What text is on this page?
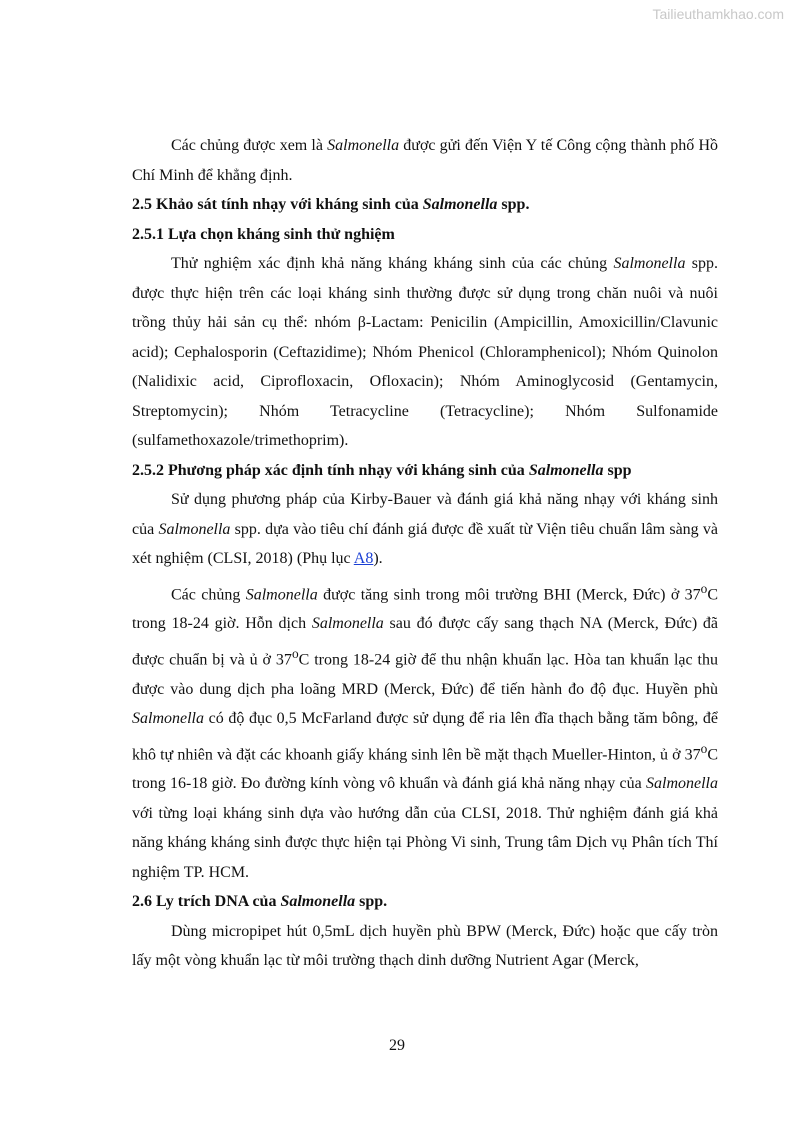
Tailieuthamkhao.com

Các chủng được xem là Salmonella được gửi đến Viện Y tế Công cộng thành phố Hồ Chí Minh để khẳng định.

2.5 Khảo sát tính nhạy với kháng sinh của Salmonella spp.

2.5.1 Lựa chọn kháng sinh thử nghiệm

Thử nghiệm xác định khả năng kháng kháng sinh của các chủng Salmonella spp. được thực hiện trên các loại kháng sinh thường được sử dụng trong chăn nuôi và nuôi trồng thủy hải sản cụ thể: nhóm β-Lactam: Penicilin (Ampicillin, Amoxicillin/Clavunic acid); Cephalosporin (Ceftazidime); Nhóm Phenicol (Chloramphenicol); Nhóm Quinolon (Nalidixic acid, Ciprofloxacin, Ofloxacin); Nhóm Aminoglycosid (Gentamycin, Streptomycin); Nhóm Tetracycline (Tetracycline); Nhóm Sulfonamide (sulfamethoxazole/trimethoprim).

2.5.2 Phương pháp xác định tính nhạy với kháng sinh của Salmonella spp

Sử dụng phương pháp của Kirby-Bauer và đánh giá khả năng nhạy với kháng sinh của Salmonella spp. dựa vào tiêu chí đánh giá được đề xuất từ Viện tiêu chuẩn lâm sàng và xét nghiệm (CLSI, 2018) (Phụ lục A8).

Các chủng Salmonella được tăng sinh trong môi trường BHI (Merck, Đức) ở 37$^o$C trong 18-24 giờ. Hỗn dịch Salmonella sau đó được cấy sang thạch NA (Merck, Đức) đã được chuẩn bị và ủ ở 37$^o$C trong 18-24 giờ để thu nhận khuẩn lạc. Hòa tan khuẩn lạc thu được vào dung dịch pha loãng MRD (Merck, Đức) để tiến hành đo độ đục. Huyền phù Salmonella có độ đục 0,5 McFarland được sử dụng để ria lên đĩa thạch bằng tăm bông, để khô tự nhiên và đặt các khoanh giấy kháng sinh lên bề mặt thạch Mueller-Hinton, ủ ở 37$^o$C trong 16-18 giờ. Đo đường kính vòng vô khuẩn và đánh giá khả năng nhạy của Salmonella với từng loại kháng sinh dựa vào hướng dẫn của CLSI, 2018. Thử nghiệm đánh giá khả năng kháng kháng sinh được thực hiện tại Phòng Vi sinh, Trung tâm Dịch vụ Phân tích Thí nghiệm TP. HCM.

2.6 Ly trích DNA của Salmonella spp.

Dùng micropipet hút 0,5mL dịch huyền phù BPW (Merck, Đức) hoặc que cấy tròn lấy một vòng khuẩn lạc từ môi trường thạch dinh dưỡng Nutrient Agar (Merck,

29
